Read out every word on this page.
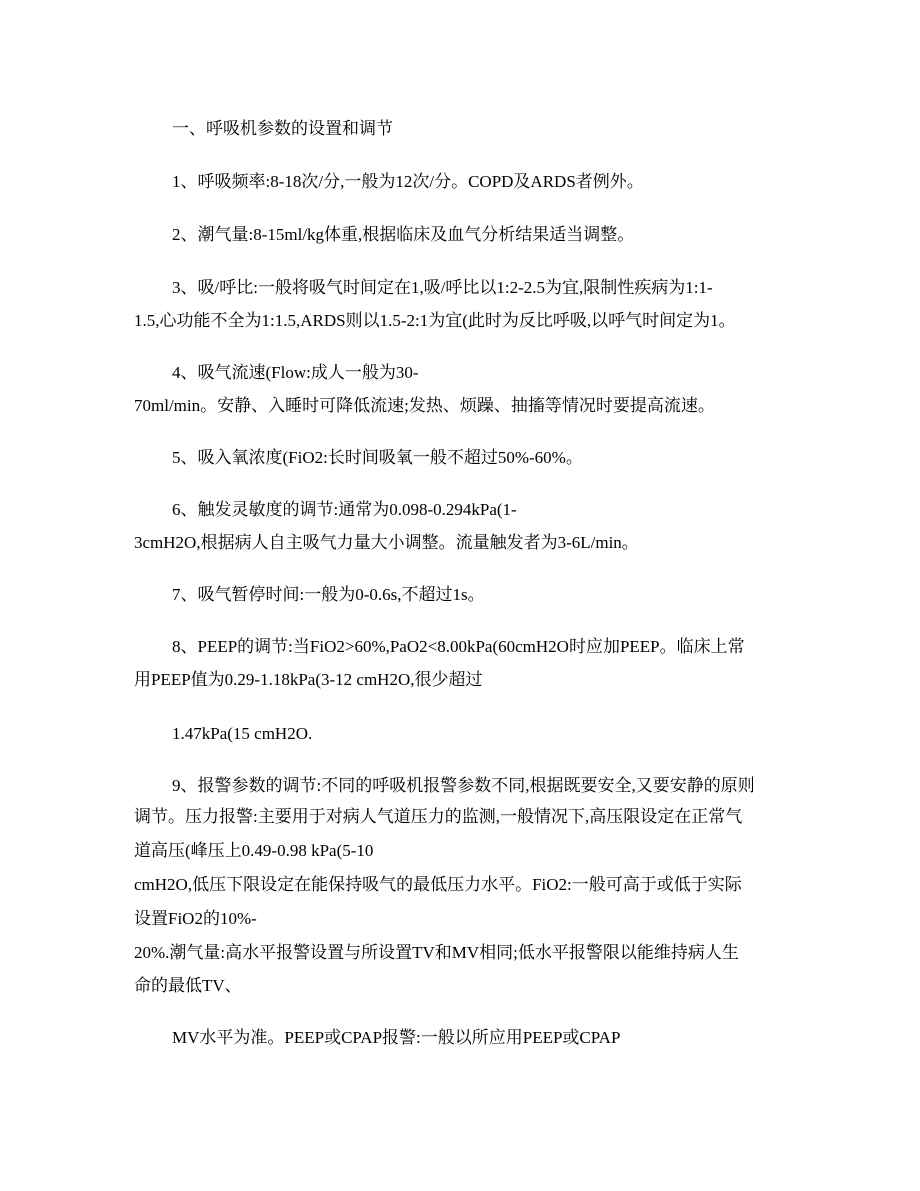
一、呼吸机参数的设置和调节
1、呼吸频率:8-18次/分,一般为12次/分。COPD及ARDS者例外。
2、潮气量:8-15ml/kg体重,根据临床及血气分析结果适当调整。
3、吸/呼比:一般将吸气时间定在1,吸/呼比以1:2-2.5为宜,限制性疾病为1:1-
1.5,心功能不全为1:1.5,ARDS则以1.5-2:1为宜(此时为反比呼吸,以呼气时间定为1。
4、吸气流速(Flow:成人一般为30-
70ml/min。安静、入睡时可降低流速;发热、烦躁、抽搐等情况时要提高流速。
5、吸入氧浓度(FiO2:长时间吸氧一般不超过50%-60%。
6、触发灵敏度的调节:通常为0.098-0.294kPa(1-
3cmH2O,根据病人自主吸气力量大小调整。流量触发者为3-6L/min。
7、吸气暂停时间:一般为0-0.6s,不超过1s。
8、PEEP的调节:当FiO2>60%,PaO2<8.00kPa(60cmH2O时应加PEEP。临床上常
用PEEP值为0.29-1.18kPa(3-12 cmH2O,很少超过
1.47kPa(15 cmH2O.
9、报警参数的调节:不同的呼吸机报警参数不同,根据既要安全,又要安静的原则
调节。压力报警:主要用于对病人气道压力的监测,一般情况下,高压限设定在正常气
道高压(峰压上0.49-0.98 kPa(5-10
cmH2O,低压下限设定在能保持吸气的最低压力水平。FiO2:一般可高于或低于实际
设置FiO2的10%-
20%.潮气量:高水平报警设置与所设置TV和MV相同;低水平报警限以能维持病人生
命的最低TV、
MV水平为准。PEEP或CPAP报警:一般以所应用PEEP或CPAP
